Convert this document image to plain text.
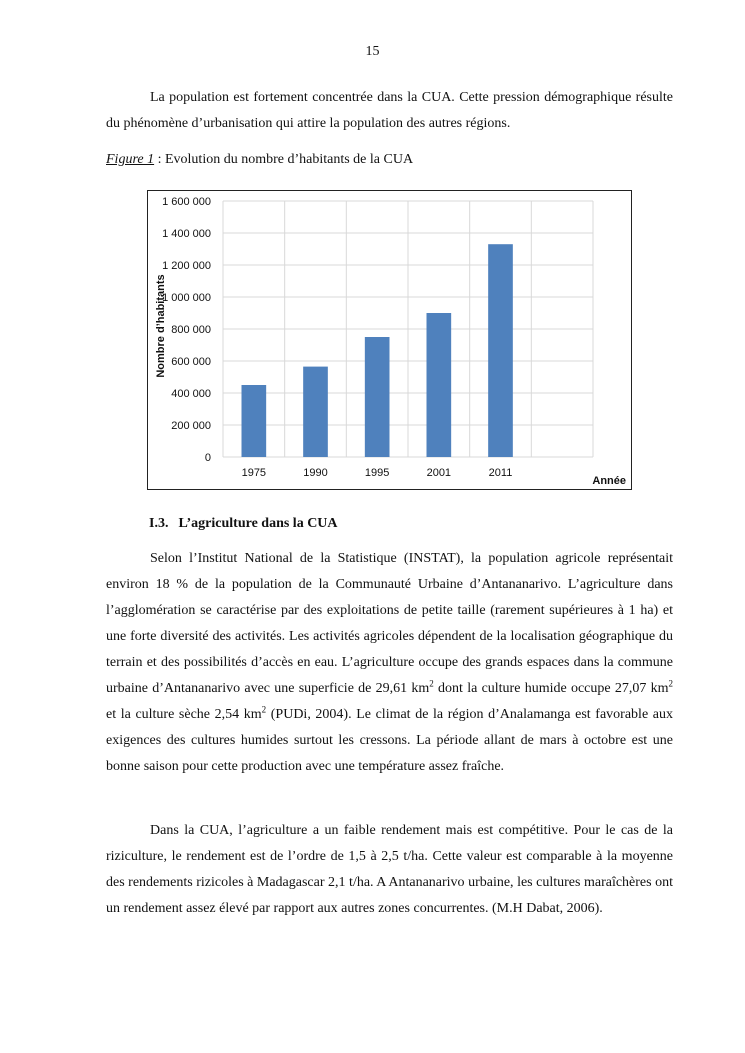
15

La population est fortement concentrée dans la CUA. Cette pression démographique résulte du phénomène d’urbanisation qui attire la population des autres régions.

Figure 1 : Evolution du nombre d’habitants de la CUA
0
200 000
400 000
600 000
800 000
1 000 000
1 200 000
1 400 000
1 600 000
1975	1990	1995	2001	2011
Nombre d’habitants
Année
I.3. L’agriculture dans la CUA

Selon l’Institut National de la Statistique (INSTAT), la population agricole représentait environ 18 % de la population de la Communauté Urbaine d’Antananarivo. L’agriculture dans l’agglomération se caractérise par des exploitations de petite taille (rarement supérieures à 1 ha) et une forte diversité des activités. Les activités agricoles dépendent de la localisation géographique du terrain et des possibilités d’accès en eau. L’agriculture occupe des grands espaces dans la commune urbaine d’Antananarivo avec une superficie de 29,61 $km^2$ dont la culture humide occupe 27,07 $km^2$ et la culture sèche 2,54 $km^2$ (PUDi, 2004). Le climat de la région d’Analamanga est favorable aux exigences des cultures humides surtout les cressons. La période allant de mars à octobre est une bonne saison pour cette production avec une température assez fraîche.

Dans la CUA, l’agriculture a un faible rendement mais est compétitive. Pour le cas de la riziculture, le rendement est de l’ordre de 1,5 à 2,5 t/ha. Cette valeur est comparable à la moyenne des rendements rizicoles à Madagascar 2,1 t/ha. A Antananarivo urbaine, les cultures maraîchères ont un rendement assez élevé par rapport aux autres zones concurrentes. (M.H Dabat, 2006).
